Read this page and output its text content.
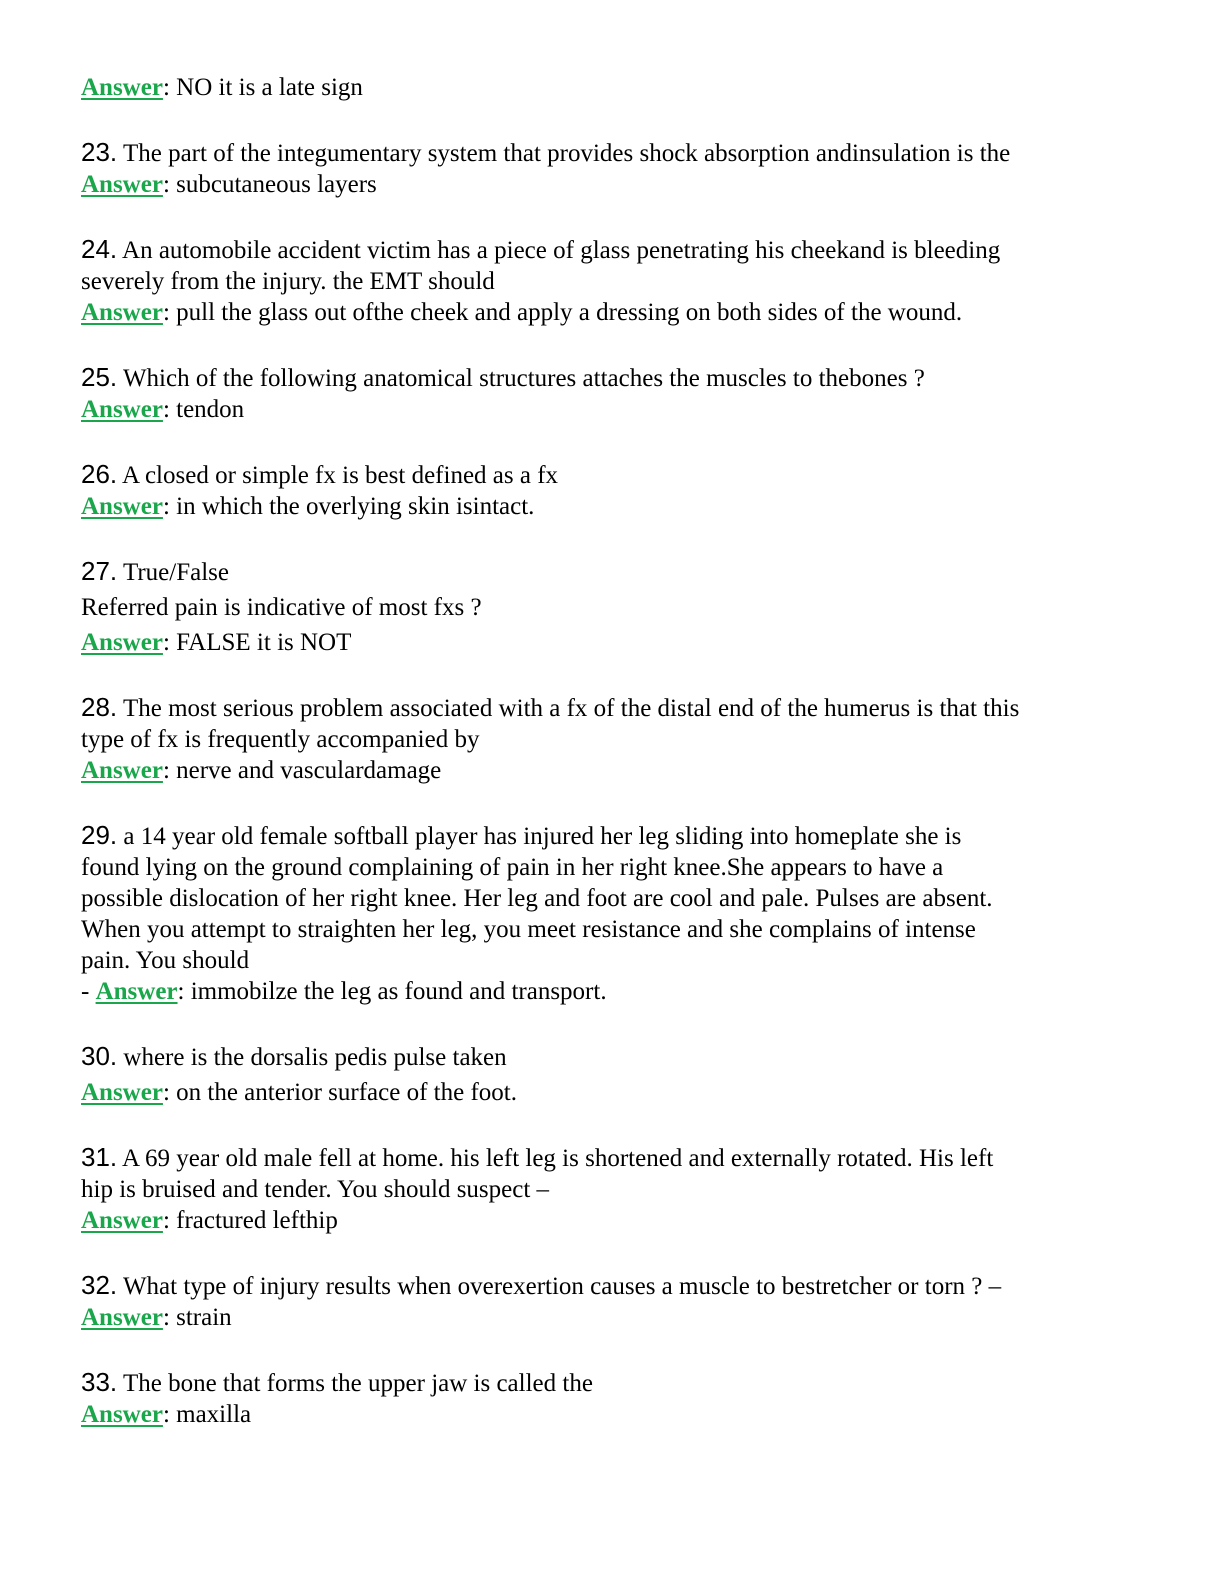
Answer: NO it is a late sign
23. The part of the integumentary system that provides shock absorption andinsulation is the
Answer: subcutaneous layers
24. An automobile accident victim has a piece of glass penetrating his cheekand is bleeding
severely from the injury. the EMT should
Answer: pull the glass out ofthe cheek and apply a dressing on both sides of the wound.
25. Which of the following anatomical structures attaches the muscles to thebones ?
Answer: tendon
26. A closed or simple fx is best defined as a fx
Answer: in which the overlying skin isintact.
27. True/False
Referred pain is indicative of most fxs ?
Answer: FALSE it is NOT
28. The most serious problem associated with a fx of the distal end of the humerus is that this
type of fx is frequently accompanied by
Answer: nerve and vasculardamage
29. a 14 year old female softball player has injured her leg sliding into homeplate she is
found lying on the ground complaining of pain in her right knee.She appears to have a
possible dislocation of her right knee. Her leg and foot are cool and pale. Pulses are absent.
When you attempt to straighten her leg, you meet resistance and she complains of intense
pain. You should
- Answer: immobilze the leg as found and transport.
30. where is the dorsalis pedis pulse taken
Answer: on the anterior surface of the foot.
31. A 69 year old male fell at home. his left leg is shortened and externally rotated. His left
hip is bruised and tender. You should suspect –
Answer: fractured lefthip
32. What type of injury results when overexertion causes a muscle to bestretcher or torn ? –
Answer: strain
33. The bone that forms the upper jaw is called the
Answer: maxilla
